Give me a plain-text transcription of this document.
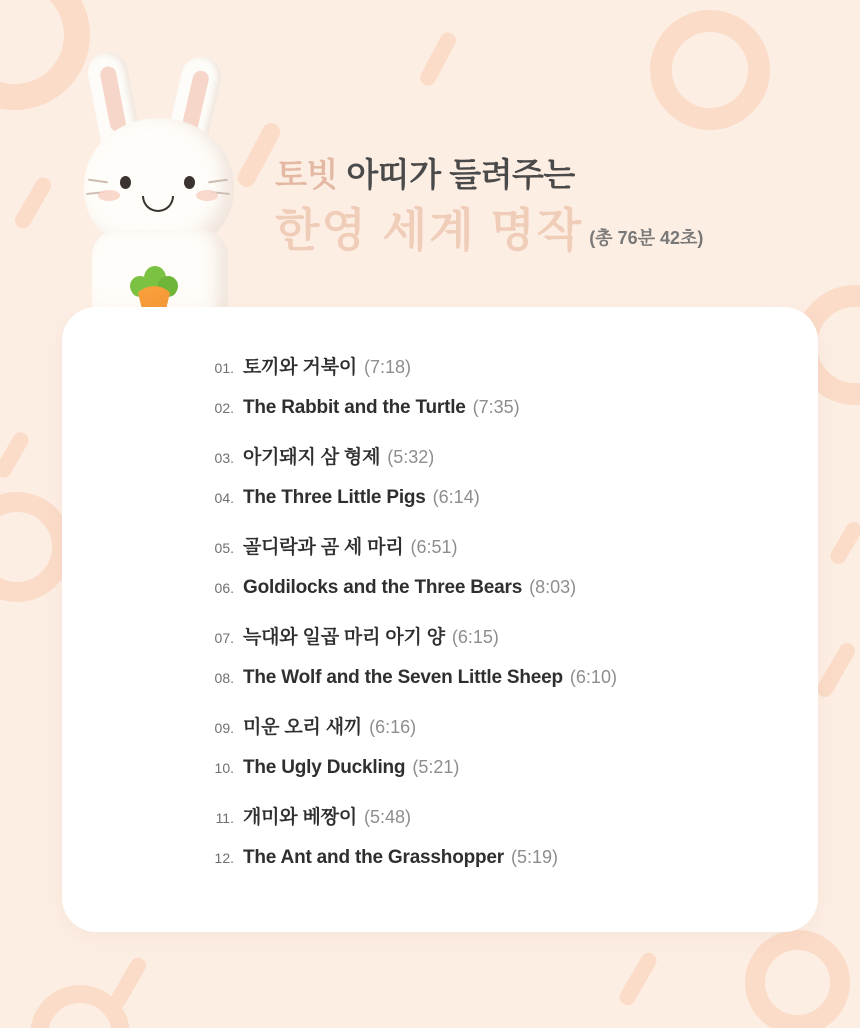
토빗 아띠가 들려주는
한영 세계 명작 (총 76분 42초)
01. 토끼와 거북이 (7:18)
02. The Rabbit and the Turtle (7:35)
03. 아기돼지 삼 형제 (5:32)
04. The Three Little Pigs (6:14)
05. 골디락과 곰 세 마리 (6:51)
06. Goldilocks and the Three Bears (8:03)
07. 늑대와 일곱 마리 아기 양 (6:15)
08. The Wolf and the Seven Little Sheep (6:10)
09. 미운 오리 새끼 (6:16)
10. The Ugly Duckling (5:21)
11. 개미와 베짱이 (5:48)
12. The Ant and the Grasshopper (5:19)
